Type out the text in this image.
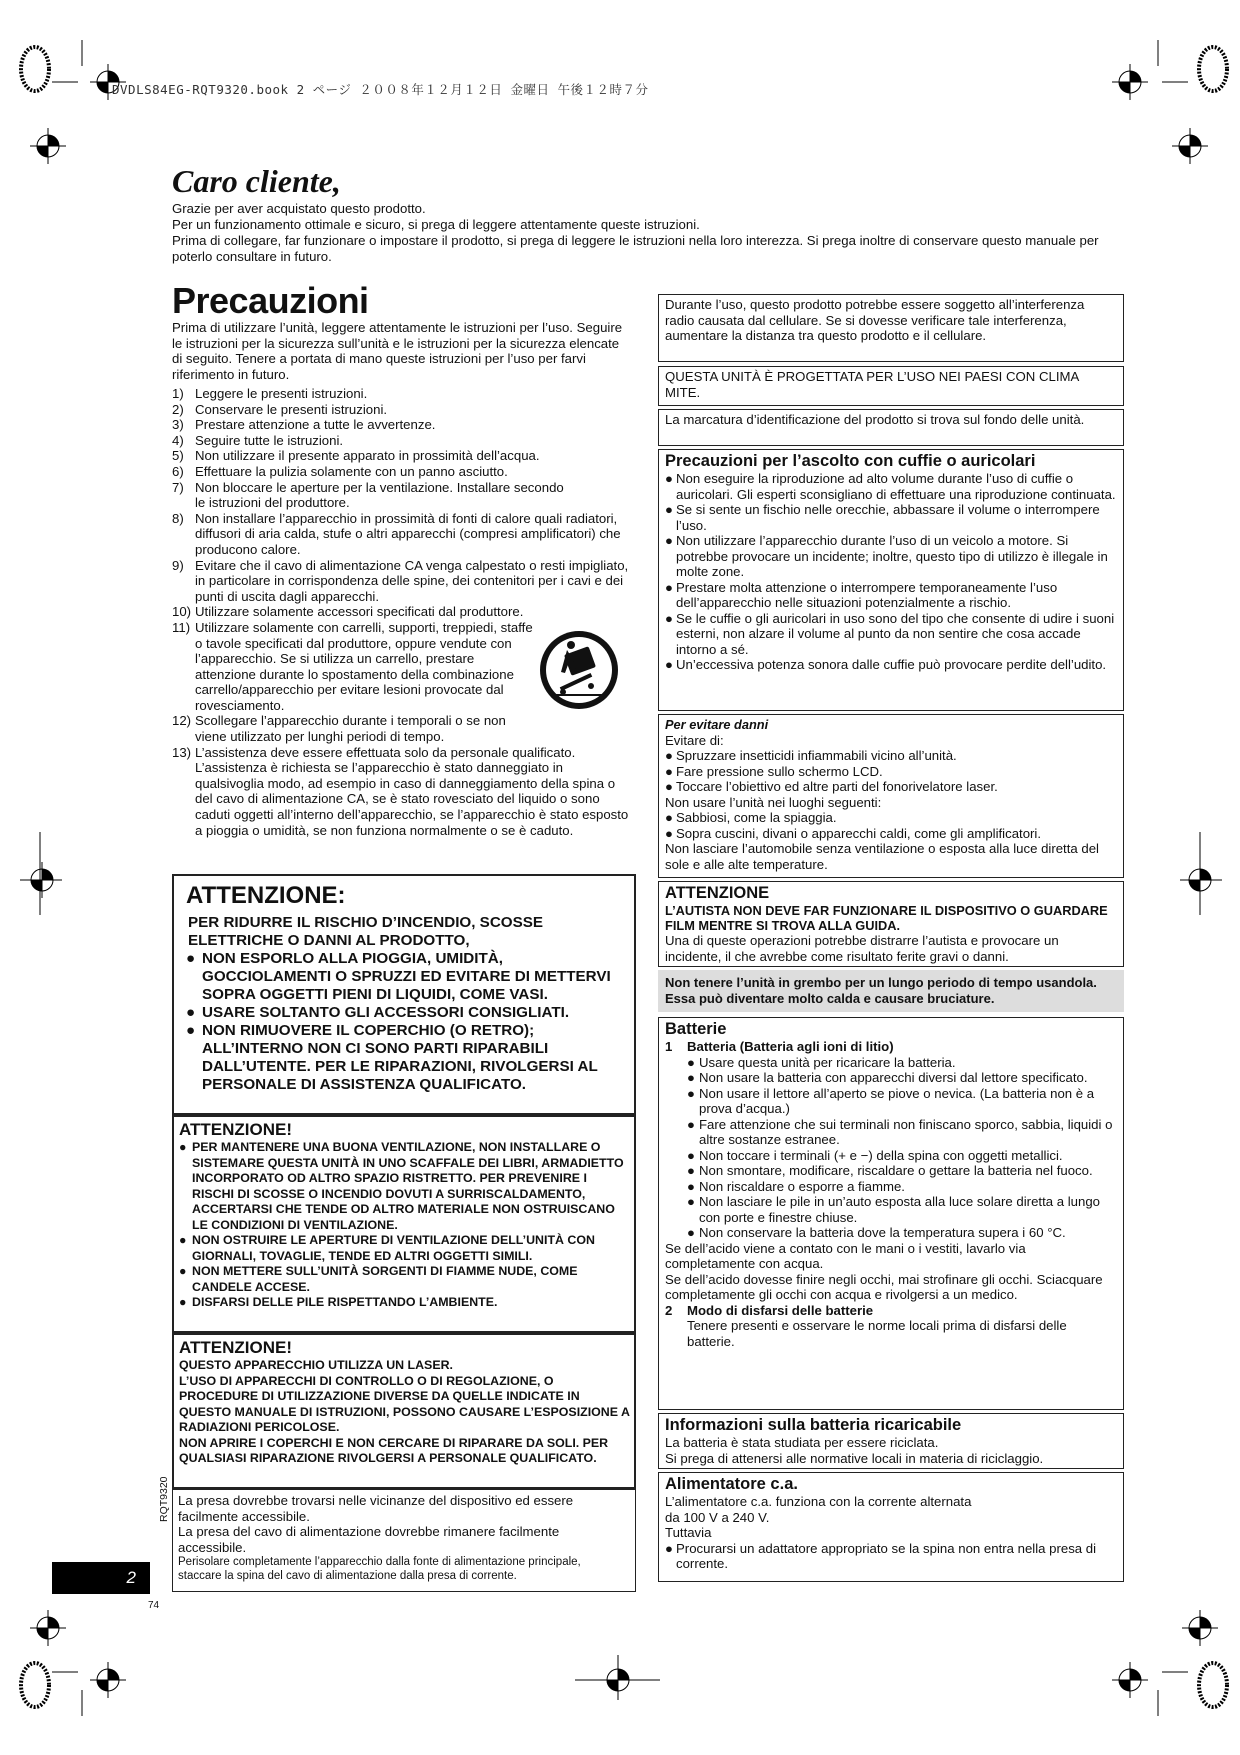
DVDLS84EG-RQT9320.book 2 ページ ２００８年１２月１２日 金曜日 午後１２時７分
Caro cliente,
Grazie per aver acquistato questo prodotto.
Per un funzionamento ottimale e sicuro, si prega di leggere attentamente queste istruzioni.
Prima di collegare, far funzionare o impostare il prodotto, si prega di leggere le istruzioni nella loro interezza. Si prega inoltre di conservare questo manuale per poterlo consultare in futuro.
Precauzioni
Prima di utilizzare l’unità, leggere attentamente le istruzioni per l’uso. Seguire le istruzioni per la sicurezza sull’unità e le istruzioni per la sicurezza elencate di seguito. Tenere a portata di mano queste istruzioni per l’uso per farvi riferimento in futuro.
1) Leggere le presenti istruzioni.
2) Conservare le presenti istruzioni.
3) Prestare attenzione a tutte le avvertenze.
4) Seguire tutte le istruzioni.
5) Non utilizzare il presente apparato in prossimità dell’acqua.
6) Effettuare la pulizia solamente con un panno asciutto.
7) Non bloccare le aperture per la ventilazione. Installare secondo le istruzioni del produttore.
8) Non installare l’apparecchio in prossimità di fonti di calore quali radiatori, diffusori di aria calda, stufe o altri apparecchi (compresi amplificatori) che producono calore.
9) Evitare che il cavo di alimentazione CA venga calpestato o resti impigliato, in particolare in corrispondenza delle spine, dei contenitori per i cavi e dei punti di uscita dagli apparecchi.
10) Utilizzare solamente accessori specificati dal produttore.
11) Utilizzare solamente con carrelli, supporti, treppiedi, staffe o tavole specificati dal produttore, oppure vendute con l’apparecchio. Se si utilizza un carrello, prestare attenzione durante lo spostamento della combinazione carrello/apparecchio per evitare lesioni provocate dal rovesciamento.
12) Scollegare l’apparecchio durante i temporali o se non viene utilizzato per lunghi periodi di tempo.
13) L’assistenza deve essere effettuata solo da personale qualificato. L’assistenza è richiesta se l’apparecchio è stato danneggiato in qualsivoglia modo, ad esempio in caso di danneggiamento della spina o del cavo di alimentazione CA, se è stato rovesciato del liquido o sono caduti oggetti all’interno dell’apparecchio, se l’apparecchio è stato esposto a pioggia o umidità, se non funziona normalmente o se è caduto.
ATTENZIONE:
PER RIDURRE IL RISCHIO D’INCENDIO, SCOSSE ELETTRICHE O DANNI AL PRODOTTO,
● NON ESPORLO ALLA PIOGGIA, UMIDITÀ, GOCCIOLAMENTI O SPRUZZI ED EVITARE DI METTERVI SOPRA OGGETTI PIENI DI LIQUIDI, COME VASI.
● USARE SOLTANTO GLI ACCESSORI CONSIGLIATI.
● NON RIMUOVERE IL COPERCHIO (O RETRO); ALL’INTERNO NON CI SONO PARTI RIPARABILI DALL’UTENTE. PER LE RIPARAZIONI, RIVOLGERSI AL PERSONALE DI ASSISTENZA QUALIFICATO.
ATTENZIONE!
● PER MANTENERE UNA BUONA VENTILAZIONE, NON INSTALLARE O SISTEMARE QUESTA UNITÀ IN UNO SCAFFALE DEI LIBRI, ARMADIETTO INCORPORATO OD ALTRO SPAZIO RISTRETTO. PER PREVENIRE I RISCHI DI SCOSSE O INCENDIO DOVUTI A SURRISCALDAMENTO, ACCERTARSI CHE TENDE OD ALTRO MATERIALE NON OSTRUISCANO LE CONDIZIONI DI VENTILAZIONE.
● NON OSTRUIRE LE APERTURE DI VENTILAZIONE DELL’UNITÀ CON GIORNALI, TOVAGLIE, TENDE ED ALTRI OGGETTI SIMILI.
● NON METTERE SULL’UNITÀ SORGENTI DI FIAMME NUDE, COME CANDELE ACCESE.
● DISFARSI DELLE PILE RISPETTANDO L’AMBIENTE.
ATTENZIONE!
QUESTO APPARECCHIO UTILIZZA UN LASER.
L’USO DI APPARECCHI DI CONTROLLO O DI REGOLAZIONE, O PROCEDURE DI UTILIZZAZIONE DIVERSE DA QUELLE INDICATE IN QUESTO MANUALE DI ISTRUZIONI, POSSONO CAUSARE L’ESPOSIZIONE A RADIAZIONI PERICOLOSE.
NON APRIRE I COPERCHI E NON CERCARE DI RIPARARE DA SOLI. PER QUALSIASI RIPARAZIONE RIVOLGERSI A PERSONALE QUALIFICATO.
La presa dovrebbe trovarsi nelle vicinanze del dispositivo ed essere facilmente accessibile.
La presa del cavo di alimentazione dovrebbe rimanere facilmente accessibile.
Perisolare completamente l’apparecchio dalla fonte di alimentazione principale, staccare la spina del cavo di alimentazione dalla presa di corrente.
2
RQT9320
74
Durante l’uso, questo prodotto potrebbe essere soggetto all’interferenza radio causata dal cellulare. Se si dovesse verificare tale interferenza, aumentare la distanza tra questo prodotto e il cellulare.
QUESTA UNITÀ È PROGETTATA PER L’USO NEI PAESI CON CLIMA MITE.
La marcatura d’identificazione del prodotto si trova sul fondo delle unità.
Precauzioni per l’ascolto con cuffie o auricolari
● Non eseguire la riproduzione ad alto volume durante l’uso di cuffie o auricolari. Gli esperti sconsigliano di effettuare una riproduzione continuata.
● Se si sente un fischio nelle orecchie, abbassare il volume o interrompere l’uso.
● Non utilizzare l’apparecchio durante l’uso di un veicolo a motore. Si potrebbe provocare un incidente; inoltre, questo tipo di utilizzo è illegale in molte zone.
● Prestare molta attenzione o interrompere temporaneamente l’uso dell’apparecchio nelle situazioni potenzialmente a rischio.
● Se le cuffie o gli auricolari in uso sono del tipo che consente di udire i suoni esterni, non alzare il volume al punto da non sentire che cosa accade intorno a sé.
● Un’eccessiva potenza sonora dalle cuffie può provocare perdite dell’udito.
Per evitare danni
Evitare di:
● Spruzzare insetticidi infiammabili vicino all’unità.
● Fare pressione sullo schermo LCD.
● Toccare l’obiettivo ed altre parti del fonorivelatore laser.
Non usare l’unità nei luoghi seguenti:
● Sabbiosi, come la spiaggia.
● Sopra cuscini, divani o apparecchi caldi, come gli amplificatori.
Non lasciare l’automobile senza ventilazione o esposta alla luce diretta del sole e alle alte temperature.
ATTENZIONE
L’AUTISTA NON DEVE FAR FUNZIONARE IL DISPOSITIVO O GUARDARE FILM MENTRE SI TROVA ALLA GUIDA.
Una di queste operazioni potrebbe distrarre l’autista e provocare un incidente, il che avrebbe come risultato ferite gravi o danni.
Non tenere l’unità in grembo per un lungo periodo di tempo usandola. Essa può diventare molto calda e causare bruciature.
Batterie
1	Batteria (Batteria agli ioni di litio)
● Usare questa unità per ricaricare la batteria.
● Non usare la batteria con apparecchi diversi dal lettore specificato.
● Non usare il lettore all’aperto se piove o nevica. (La batteria non è a prova d’acqua.)
● Fare attenzione che sui terminali non finiscano sporco, sabbia, liquidi o altre sostanze estranee.
● Non toccare i terminali (+ e −) della spina con oggetti metallici.
● Non smontare, modificare, riscaldare o gettare la batteria nel fuoco.
● Non riscaldare o esporre a fiamme.
● Non lasciare le pile in un’auto esposta alla luce solare diretta a lungo con porte e finestre chiuse.
● Non conservare la batteria dove la temperatura supera i 60 °C.
Se dell’acido viene a contato con le mani o i vestiti, lavarlo via completamente con acqua.
Se dell’acido dovesse finire negli occhi, mai strofinare gli occhi. Sciacquare completamente gli occhi con acqua e rivolgersi a un medico.
2	Modo di disfarsi delle batterie
Tenere presenti e osservare le norme locali prima di disfarsi delle batterie.
Informazioni sulla batteria ricaricabile
La batteria è stata studiata per essere riciclata.
Si prega di attenersi alle normative locali in materia di riciclaggio.
Alimentatore c.a.
L’alimentatore c.a. funziona con la corrente alternata da 100 V a 240 V.
Tuttavia
● Procurarsi un adattatore appropriato se la spina non entra nella presa di corrente.
